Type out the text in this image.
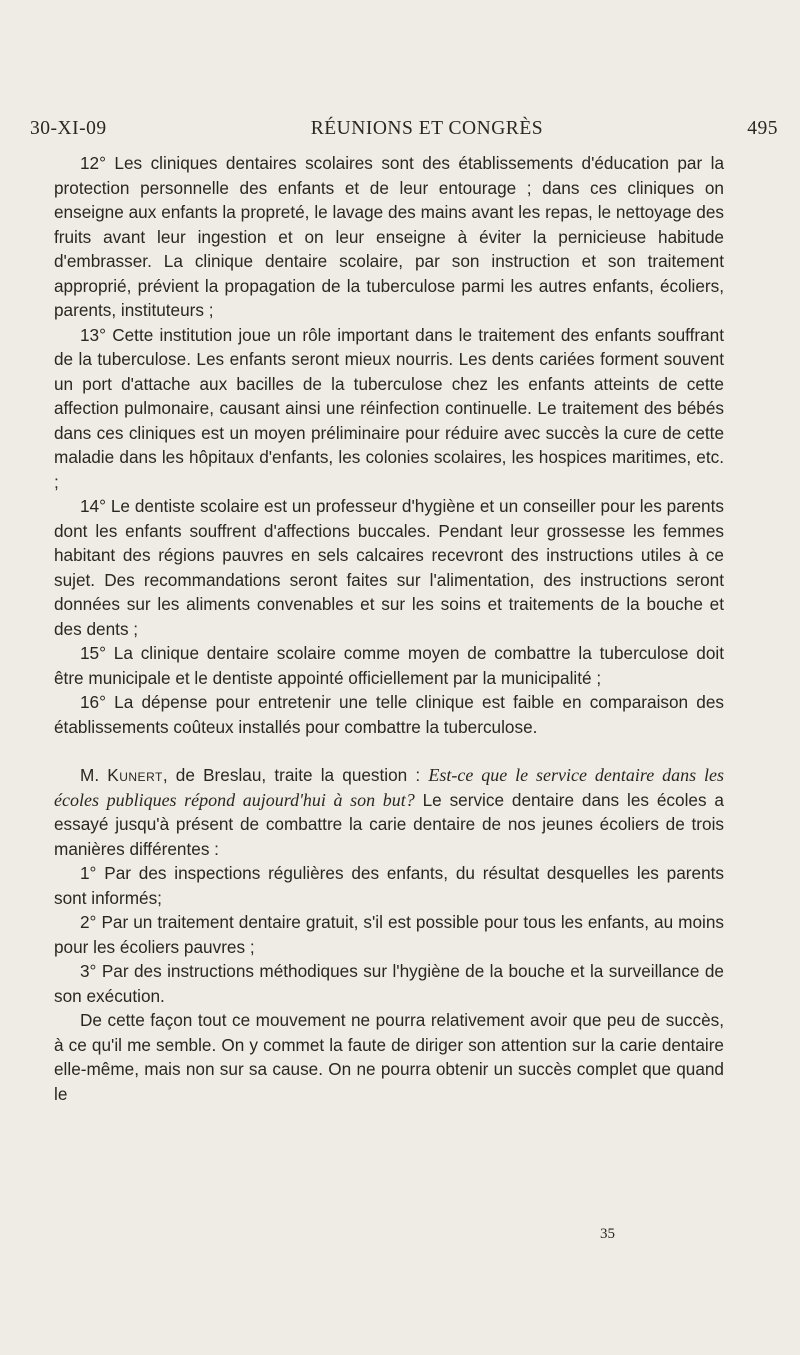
30-XI-09	RÉUNIONS ET CONGRÈS	495

12° Les cliniques dentaires scolaires sont des établissements d'éducation par la protection personnelle des enfants et de leur entourage ; dans ces cliniques on enseigne aux enfants la propreté, le lavage des mains avant les repas, le nettoyage des fruits avant leur ingestion et on leur enseigne à éviter la pernicieuse habitude d'embrasser. La clinique dentaire scolaire, par son instruction et son traitement approprié, prévient la propagation de la tuberculose parmi les autres enfants, écoliers, parents, instituteurs ;

13° Cette institution joue un rôle important dans le traitement des enfants souffrant de la tuberculose. Les enfants seront mieux nourris. Les dents cariées forment souvent un port d'attache aux bacilles de la tuberculose chez les enfants atteints de cette affection pulmonaire, causant ainsi une réinfection continuelle. Le traitement des bébés dans ces cliniques est un moyen préliminaire pour réduire avec succès la cure de cette maladie dans les hôpitaux d'enfants, les colonies scolaires, les hospices maritimes, etc. ;

14° Le dentiste scolaire est un professeur d'hygiène et un conseiller pour les parents dont les enfants souffrent d'affections buccales. Pendant leur grossesse les femmes habitant des régions pauvres en sels calcaires recevront des instructions utiles à ce sujet. Des recommandations seront faites sur l'alimentation, des instructions seront données sur les aliments convenables et sur les soins et traitements de la bouche et des dents ;

15° La clinique dentaire scolaire comme moyen de combattre la tuberculose doit être municipale et le dentiste appointé officiellement par la municipalité ;

16° La dépense pour entretenir une telle clinique est faible en comparaison des établissements coûteux installés pour combattre la tuberculose.

M. Kunert, de Breslau, traite la question : Est-ce que le service dentaire dans les écoles publiques répond aujourd'hui à son but? Le service dentaire dans les écoles a essayé jusqu'à présent de combattre la carie dentaire de nos jeunes écoliers de trois manières différentes :

1° Par des inspections régulières des enfants, du résultat desquelles les parents sont informés;

2° Par un traitement dentaire gratuit, s'il est possible pour tous les enfants, au moins pour les écoliers pauvres ;

3° Par des instructions méthodiques sur l'hygiène de la bouche et la surveillance de son exécution.

De cette façon tout ce mouvement ne pourra relativement avoir que peu de succès, à ce qu'il me semble. On y commet la faute de diriger son attention sur la carie dentaire elle-même, mais non sur sa cause. On ne pourra obtenir un succès complet que quand le

35
